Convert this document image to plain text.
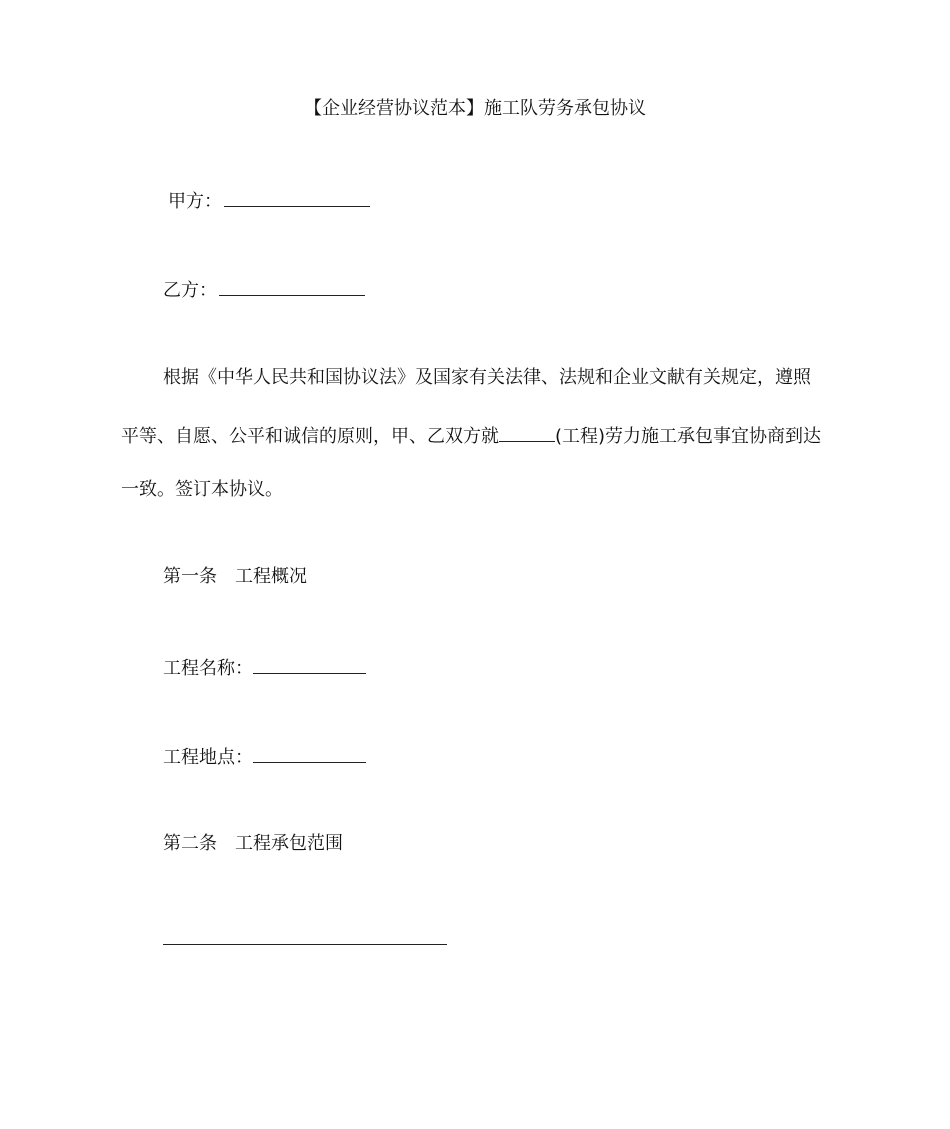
【企业经营协议范本】施工队劳务承包协议
甲方：
乙方：
根据《中华人民共和国协议法》及国家有关法律、法规和企业文献有关规定，遵照
平等、自愿、公平和诚信的原则，甲、乙双方就	(工程)劳力施工承包事宜协商到达
一致。签订本协议。
第一条　工程概况
工程名称：
工程地点：
第二条　工程承包范围
